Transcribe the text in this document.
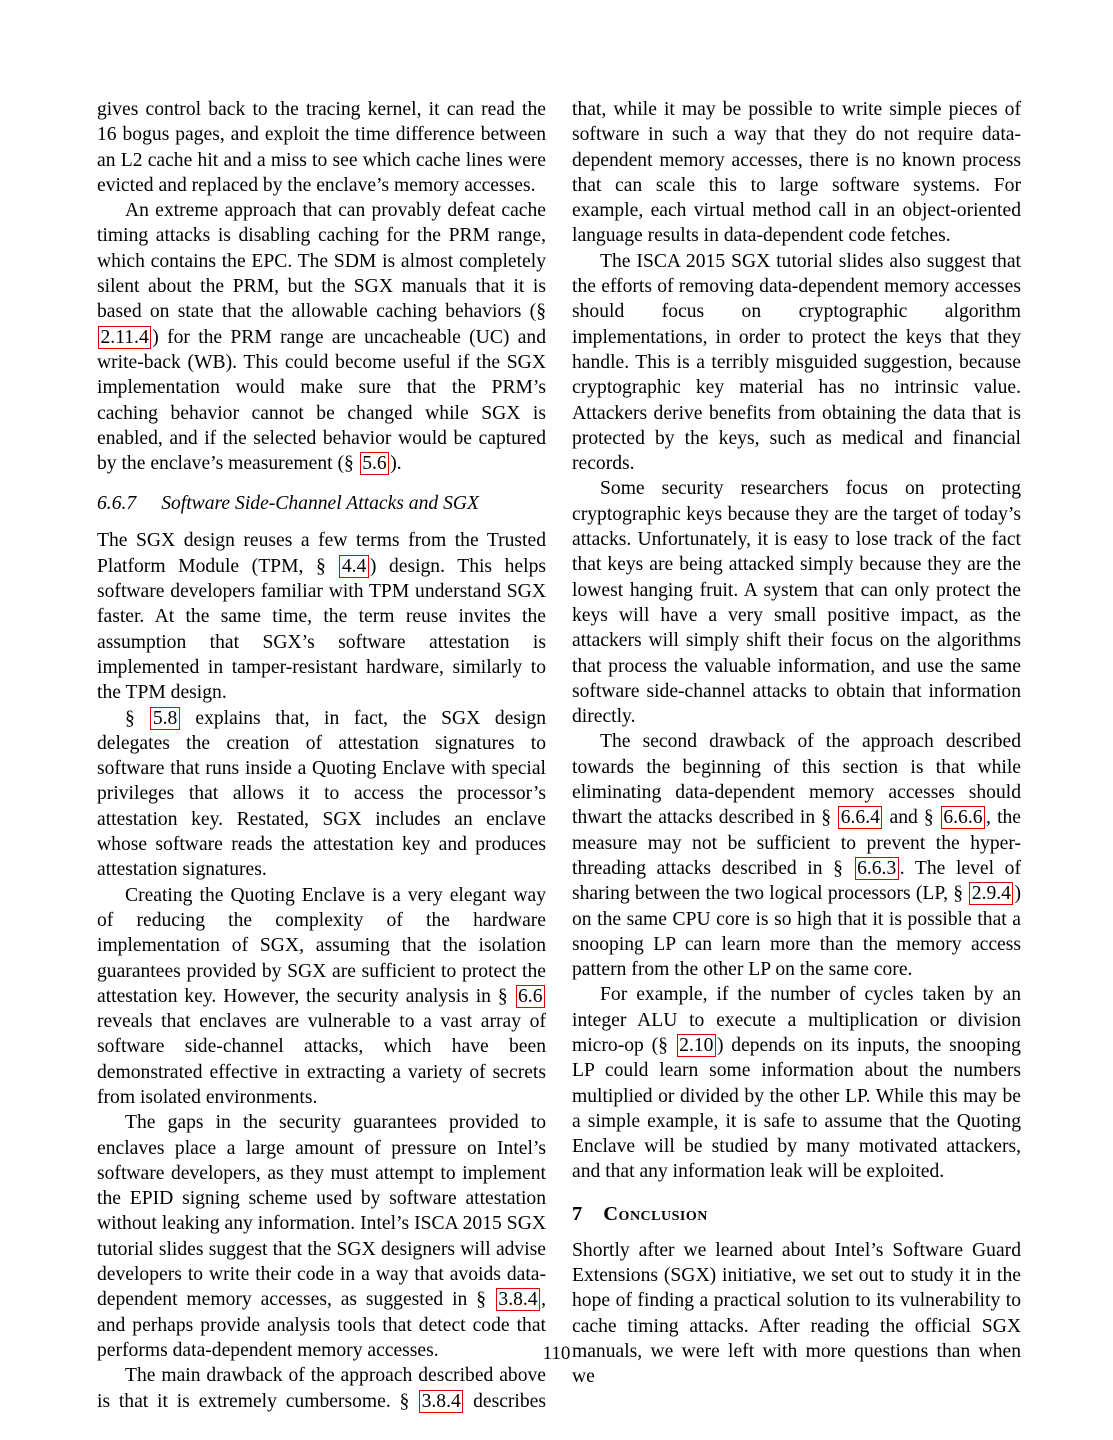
gives control back to the tracing kernel, it can read the 16 bogus pages, and exploit the time difference between an L2 cache hit and a miss to see which cache lines were evicted and replaced by the enclave’s memory accesses.

An extreme approach that can provably defeat cache timing attacks is disabling caching for the PRM range, which contains the EPC. The SDM is almost completely silent about the PRM, but the SGX manuals that it is based on state that the allowable caching behaviors (§ 2.11.4 ) for the PRM range are uncacheable (UC) and write-back (WB). This could become useful if the SGX implementation would make sure that the PRM’s caching behavior cannot be changed while SGX is enabled, and if the selected behavior would be captured by the enclave’s measurement (§ 5.6 ).

6.6.7 Software Side-Channel Attacks and SGX

The SGX design reuses a few terms from the Trusted Platform Module (TPM, § 4.4 ) design. This helps software developers familiar with TPM understand SGX faster. At the same time, the term reuse invites the assumption that SGX’s software attestation is implemented in tamper-resistant hardware, similarly to the TPM design.

§ 5.8 explains that, in fact, the SGX design delegates the creation of attestation signatures to software that runs inside a Quoting Enclave with special privileges that allows it to access the processor’s attestation key. Restated, SGX includes an enclave whose software reads the attestation key and produces attestation signatures.

Creating the Quoting Enclave is a very elegant way of reducing the complexity of the hardware implementation of SGX, assuming that the isolation guarantees provided by SGX are sufficient to protect the attestation key. However, the security analysis in § 6.6 reveals that enclaves are vulnerable to a vast array of software side-channel attacks, which have been demonstrated effective in extracting a variety of secrets from isolated environments.

The gaps in the security guarantees provided to enclaves place a large amount of pressure on Intel’s software developers, as they must attempt to implement the EPID signing scheme used by software attestation without leaking any information. Intel’s ISCA 2015 SGX tutorial slides suggest that the SGX designers will advise developers to write their code in a way that avoids data-dependent memory accesses, as suggested in § 3.8.4 , and perhaps provide analysis tools that detect code that performs data-dependent memory accesses.

The main drawback of the approach described above is that it is extremely cumbersome. § 3.8.4 describes

that, while it may be possible to write simple pieces of software in such a way that they do not require data-dependent memory accesses, there is no known process that can scale this to large software systems. For example, each virtual method call in an object-oriented language results in data-dependent code fetches.

The ISCA 2015 SGX tutorial slides also suggest that the efforts of removing data-dependent memory accesses should focus on cryptographic algorithm implementations, in order to protect the keys that they handle. This is a terribly misguided suggestion, because cryptographic key material has no intrinsic value. Attackers derive benefits from obtaining the data that is protected by the keys, such as medical and financial records.

Some security researchers focus on protecting cryptographic keys because they are the target of today’s attacks. Unfortunately, it is easy to lose track of the fact that keys are being attacked simply because they are the lowest hanging fruit. A system that can only protect the keys will have a very small positive impact, as the attackers will simply shift their focus on the algorithms that process the valuable information, and use the same software side-channel attacks to obtain that information directly.

The second drawback of the approach described towards the beginning of this section is that while eliminating data-dependent memory accesses should thwart the attacks described in § 6.6.4 and § 6.6.6 , the measure may not be sufficient to prevent the hyper-threading attacks described in § 6.6.3 . The level of sharing between the two logical processors (LP, § 2.9.4 ) on the same CPU core is so high that it is possible that a snooping LP can learn more than the memory access pattern from the other LP on the same core.

For example, if the number of cycles taken by an integer ALU to execute a multiplication or division micro-op (§ 2.10 ) depends on its inputs, the snooping LP could learn some information about the numbers multiplied or divided by the other LP. While this may be a simple example, it is safe to assume that the Quoting Enclave will be studied by many motivated attackers, and that any information leak will be exploited.

7 Conclusion

Shortly after we learned about Intel’s Software Guard Extensions (SGX) initiative, we set out to study it in the hope of finding a practical solution to its vulnerability to cache timing attacks. After reading the official SGX manuals, we were left with more questions than when we

110
